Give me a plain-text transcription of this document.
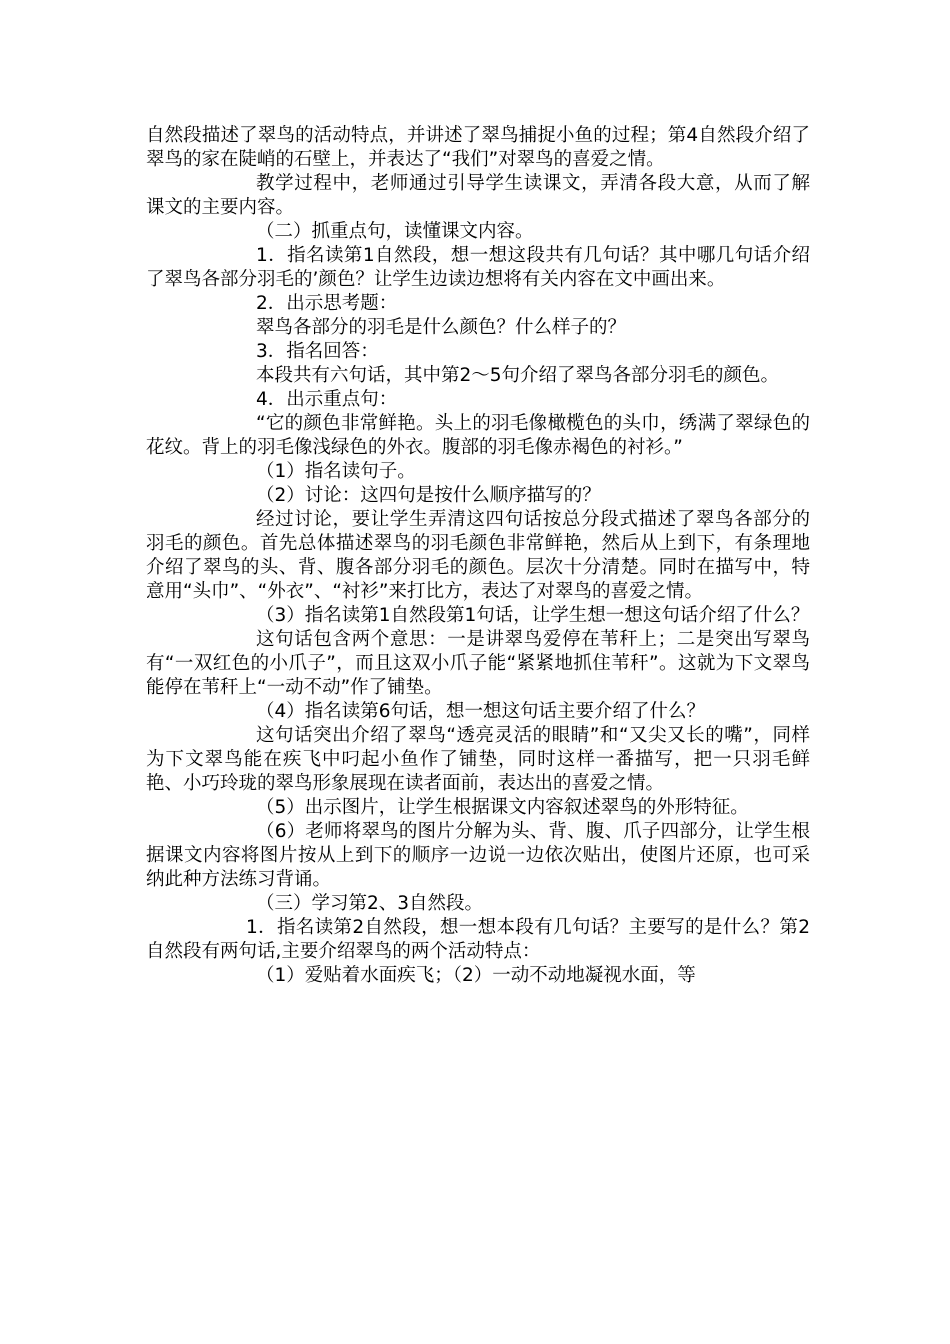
自然段描述了翠鸟的活动特点，并讲述了翠鸟捕捉小鱼的过程；第4自然段介绍了翠鸟的家在陡峭的石壁上，并表达了“我们”对翠鸟的喜爱之情。

教学过程中，老师通过引导学生读课文，弄清各段大意，从而了解课文的主要内容。

（二）抓重点句，读懂课文内容。

1．指名读第1自然段，想一想这段共有几句话？其中哪几句话介绍了翠鸟各部分羽毛的’颜色？让学生边读边想将有关内容在文中画出来。

2．出示思考题：

翠鸟各部分的羽毛是什么颜色？什么样子的？

3．指名回答：

本段共有六句话，其中第2～5句介绍了翠鸟各部分羽毛的颜色。

4．出示重点句：

“它的颜色非常鲜艳。头上的羽毛像橄榄色的头巾，绣满了翠绿色的花纹。背上的羽毛像浅绿色的外衣。腹部的羽毛像赤褐色的衬衫。”

（1）指名读句子。

（2）讨论：这四句是按什么顺序描写的？

经过讨论，要让学生弄清这四句话按总分段式描述了翠鸟各部分的羽毛的颜色。首先总体描述翠鸟的羽毛颜色非常鲜艳，然后从上到下，有条理地介绍了翠鸟的头、背、腹各部分羽毛的颜色。层次十分清楚。同时在描写中，特意用“头巾”、“外衣”、“衬衫”来打比方，表达了对翠鸟的喜爱之情。

（3）指名读第1自然段第1句话，让学生想一想这句话介绍了什么？

这句话包含两个意思：一是讲翠鸟爱停在苇秆上；二是突出写翠鸟有“一双红色的小爪子”，而且这双小爪子能“紧紧地抓住苇秆”。这就为下文翠鸟能停在苇秆上“一动不动”作了铺垫。

（4）指名读第6句话，想一想这句话主要介绍了什么？

这句话突出介绍了翠鸟“透亮灵活的眼睛”和“又尖又长的嘴”，同样为下文翠鸟能在疾飞中叼起小鱼作了铺垫，同时这样一番描写，把一只羽毛鲜艳、小巧玲珑的翠鸟形象展现在读者面前，表达出的喜爱之情。

（5）出示图片，让学生根据课文内容叙述翠鸟的外形特征。

（6）老师将翠鸟的图片分解为头、背、腹、爪子四部分，让学生根据课文内容将图片按从上到下的顺序一边说一边依次贴出，使图片还原，也可采纳此种方法练习背诵。

（三）学习第2、3自然段。

1．指名读第2自然段，想一想本段有几句话？主要写的是什么？第2自然段有两句话,主要介绍翠鸟的两个活动特点：

（1）爱贴着水面疾飞；（2）一动不动地凝视水面，等
